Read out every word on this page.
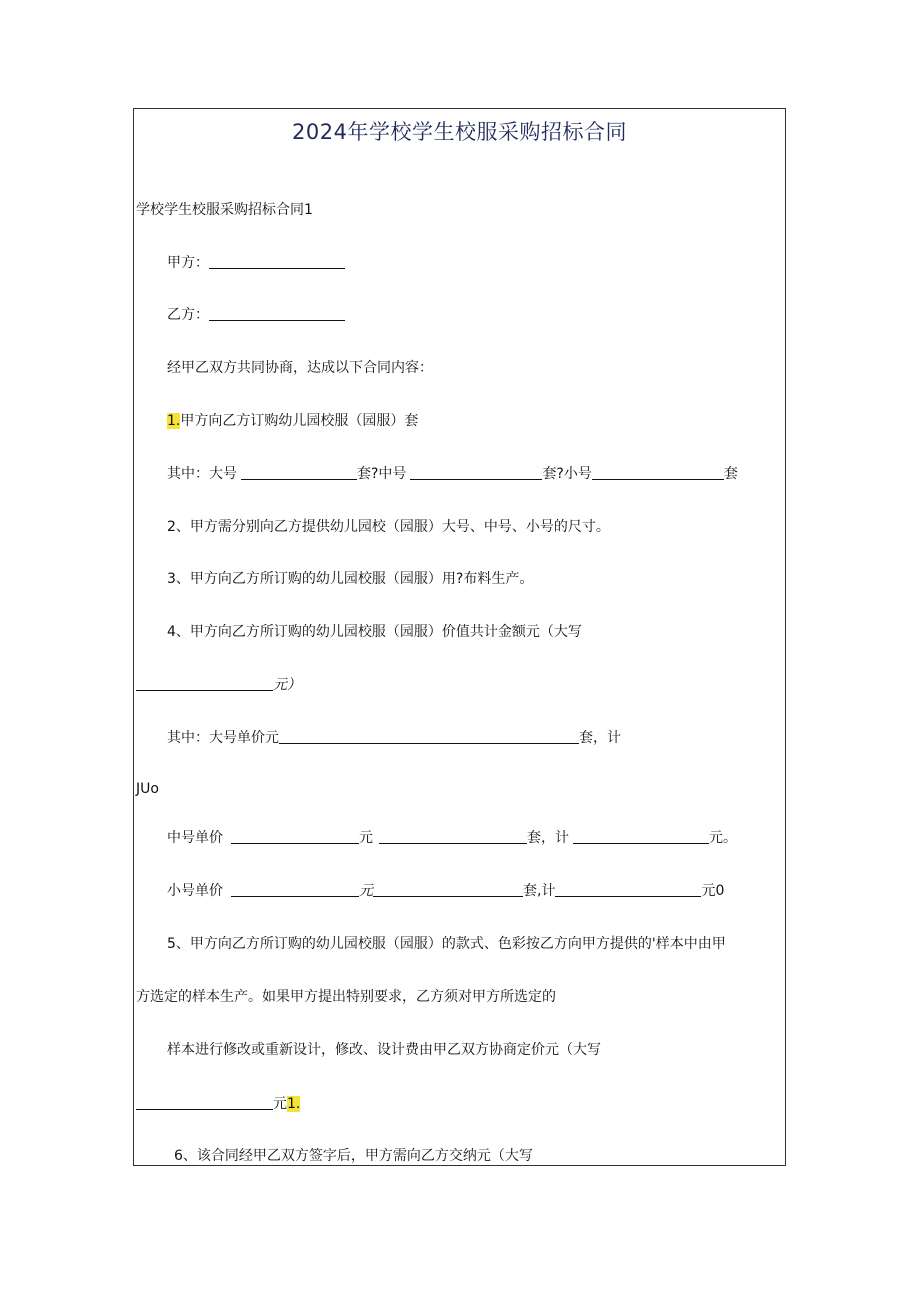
2024年学校学生校服采购招标合同
学校学生校服采购招标合同1
甲方：
乙方：
经甲乙双方共同协商，达成以下合同内容：
1.甲方向乙方订购幼儿园校服（园服）套
其中：大号	套?中号	套?小号	套
2、甲方需分别向乙方提供幼儿园校（园服）大号、中号、小号的尺寸。
3、甲方向乙方所订购的幼儿园校服（园服）用?布料生产。
4、甲方向乙方所订购的幼儿园校服（园服）价值共计金额元（大写
元）
其中：大号单价元	套，计
JUo
中号单价	元	套，计	元。
小号单价	元	套,计	元0
5、甲方向乙方所订购的幼儿园校服（园服）的款式、色彩按乙方向甲方提供的'样本中由甲
方选定的样本生产。如果甲方提出特别要求，乙方须对甲方所选定的
样本进行修改或重新设计，修改、设计费由甲乙双方协商定价元（大写
元1.
6、该合同经甲乙双方签字后，甲方需向乙方交纳元（大写
